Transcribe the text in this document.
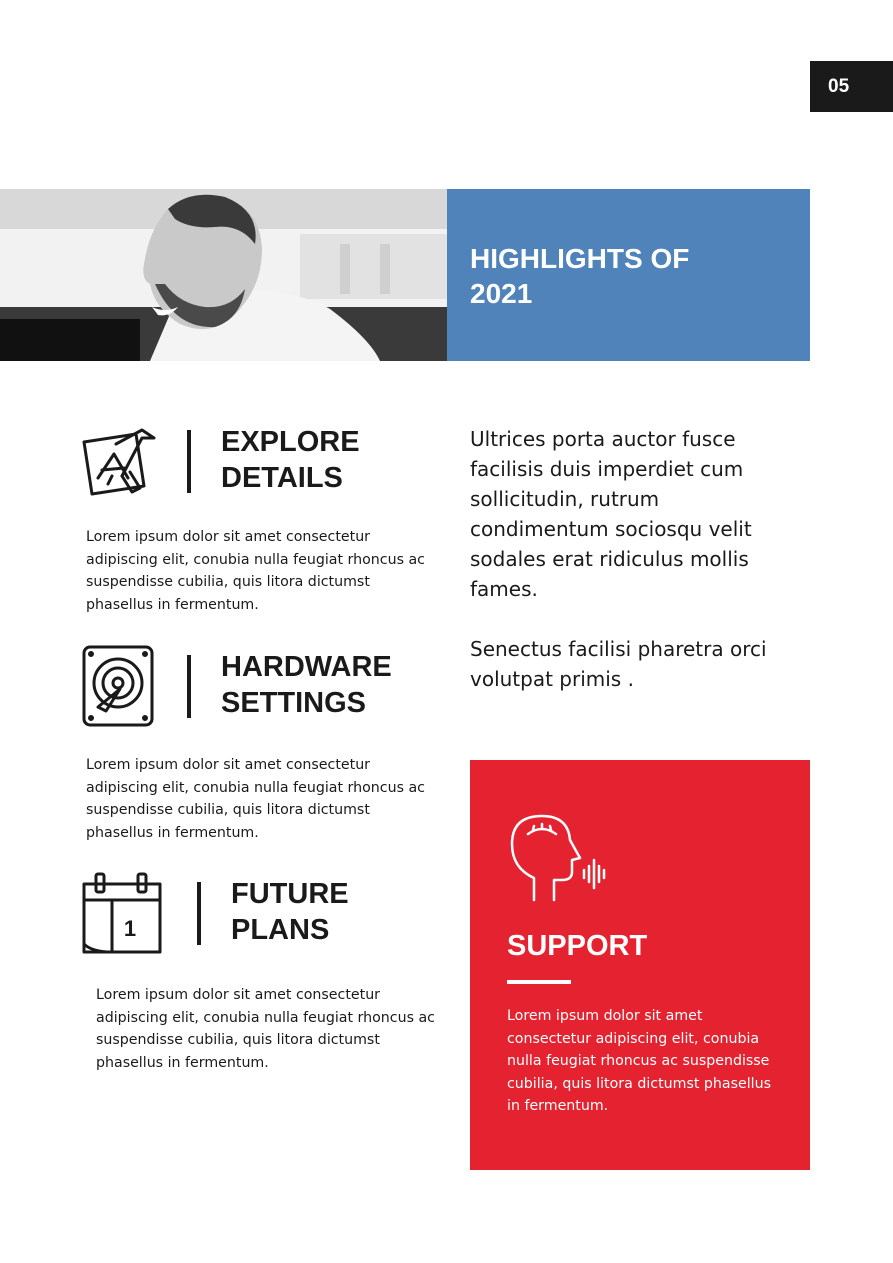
05
HIGHLIGHTS OF 2021
EXPLORE DETAILS

Lorem ipsum dolor sit amet consectetur adipiscing elit, conubia nulla feugiat rhoncus ac suspendisse cubilia, quis litora dictumst phasellus in fermentum.

HARDWARE SETTINGS

Lorem ipsum dolor sit amet consectetur adipiscing elit, conubia nulla feugiat rhoncus ac suspendisse cubilia, quis litora dictumst phasellus in fermentum.

1
FUTURE PLANS

Lorem ipsum dolor sit amet consectetur adipiscing elit, conubia nulla feugiat rhoncus ac suspendisse cubilia, quis litora dictumst phasellus in fermentum.

Ultrices porta auctor fusce facilisis duis imperdiet cum sollicitudin, rutrum condimentum sociosqu velit sodales erat ridiculus mollis fames.

Senectus facilisi pharetra orci volutpat primis .

SUPPORT

Lorem ipsum dolor sit amet consectetur adipiscing elit, conubia nulla feugiat rhoncus ac suspendisse cubilia, quis litora dictumst phasellus in fermentum.
